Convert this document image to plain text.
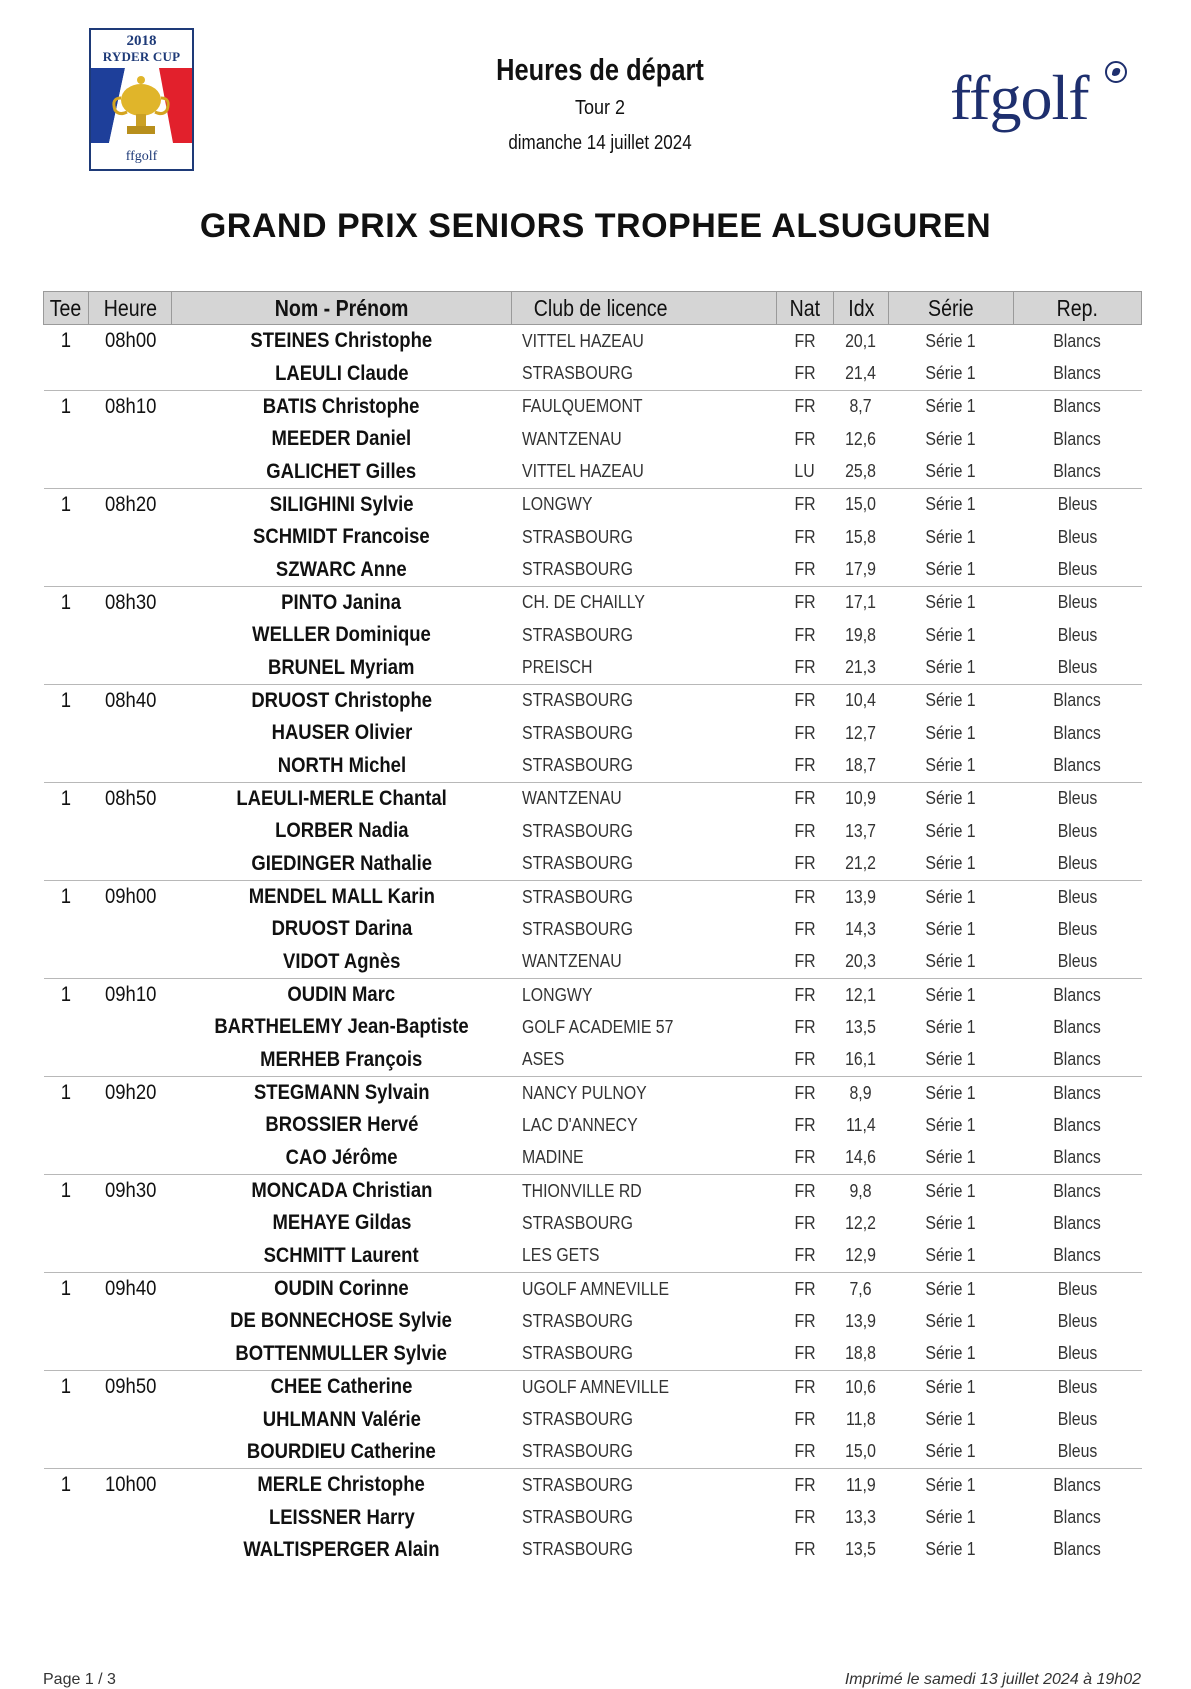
2018
RYDER CUP
ffgolf
Heures de départ
Tour 2
dimanche 14 juillet 2024
ffgolf
GRAND PRIX SENIORS TROPHEE ALSUGUREN
Tee	Heure	Nom - Prénom	Club de licence	Nat	Idx	Série	Rep.
1	08h00	STEINES Christophe	VITTEL HAZEAU	FR	20,1	Série 1	Blancs
		LAEULI Claude	STRASBOURG	FR	21,4	Série 1	Blancs
1	08h10	BATIS Christophe	FAULQUEMONT	FR	8,7	Série 1	Blancs
		MEEDER Daniel	WANTZENAU	FR	12,6	Série 1	Blancs
		GALICHET Gilles	VITTEL HAZEAU	LU	25,8	Série 1	Blancs
1	08h20	SILIGHINI Sylvie	LONGWY	FR	15,0	Série 1	Bleus
		SCHMIDT Francoise	STRASBOURG	FR	15,8	Série 1	Bleus
		SZWARC Anne	STRASBOURG	FR	17,9	Série 1	Bleus
1	08h30	PINTO Janina	CH. DE CHAILLY	FR	17,1	Série 1	Bleus
		WELLER Dominique	STRASBOURG	FR	19,8	Série 1	Bleus
		BRUNEL Myriam	PREISCH	FR	21,3	Série 1	Bleus
1	08h40	DRUOST Christophe	STRASBOURG	FR	10,4	Série 1	Blancs
		HAUSER Olivier	STRASBOURG	FR	12,7	Série 1	Blancs
		NORTH Michel	STRASBOURG	FR	18,7	Série 1	Blancs
1	08h50	LAEULI-MERLE Chantal	WANTZENAU	FR	10,9	Série 1	Bleus
		LORBER Nadia	STRASBOURG	FR	13,7	Série 1	Bleus
		GIEDINGER Nathalie	STRASBOURG	FR	21,2	Série 1	Bleus
1	09h00	MENDEL MALL Karin	STRASBOURG	FR	13,9	Série 1	Bleus
		DRUOST Darina	STRASBOURG	FR	14,3	Série 1	Bleus
		VIDOT Agnès	WANTZENAU	FR	20,3	Série 1	Bleus
1	09h10	OUDIN Marc	LONGWY	FR	12,1	Série 1	Blancs
		BARTHELEMY Jean-Baptiste	GOLF ACADEMIE 57	FR	13,5	Série 1	Blancs
		MERHEB François	ASES	FR	16,1	Série 1	Blancs
1	09h20	STEGMANN Sylvain	NANCY PULNOY	FR	8,9	Série 1	Blancs
		BROSSIER Hervé	LAC D'ANNECY	FR	11,4	Série 1	Blancs
		CAO Jérôme	MADINE	FR	14,6	Série 1	Blancs
1	09h30	MONCADA Christian	THIONVILLE RD	FR	9,8	Série 1	Blancs
		MEHAYE Gildas	STRASBOURG	FR	12,2	Série 1	Blancs
		SCHMITT Laurent	LES GETS	FR	12,9	Série 1	Blancs
1	09h40	OUDIN Corinne	UGOLF AMNEVILLE	FR	7,6	Série 1	Bleus
		DE BONNECHOSE Sylvie	STRASBOURG	FR	13,9	Série 1	Bleus
		BOTTENMULLER Sylvie	STRASBOURG	FR	18,8	Série 1	Bleus
1	09h50	CHEE Catherine	UGOLF AMNEVILLE	FR	10,6	Série 1	Bleus
		UHLMANN Valérie	STRASBOURG	FR	11,8	Série 1	Bleus
		BOURDIEU Catherine	STRASBOURG	FR	15,0	Série 1	Bleus
1	10h00	MERLE Christophe	STRASBOURG	FR	11,9	Série 1	Blancs
		LEISSNER Harry	STRASBOURG	FR	13,3	Série 1	Blancs
		WALTISPERGER Alain	STRASBOURG	FR	13,5	Série 1	Blancs
Page 1 / 3	Imprimé le samedi 13 juillet 2024 à 19h02
